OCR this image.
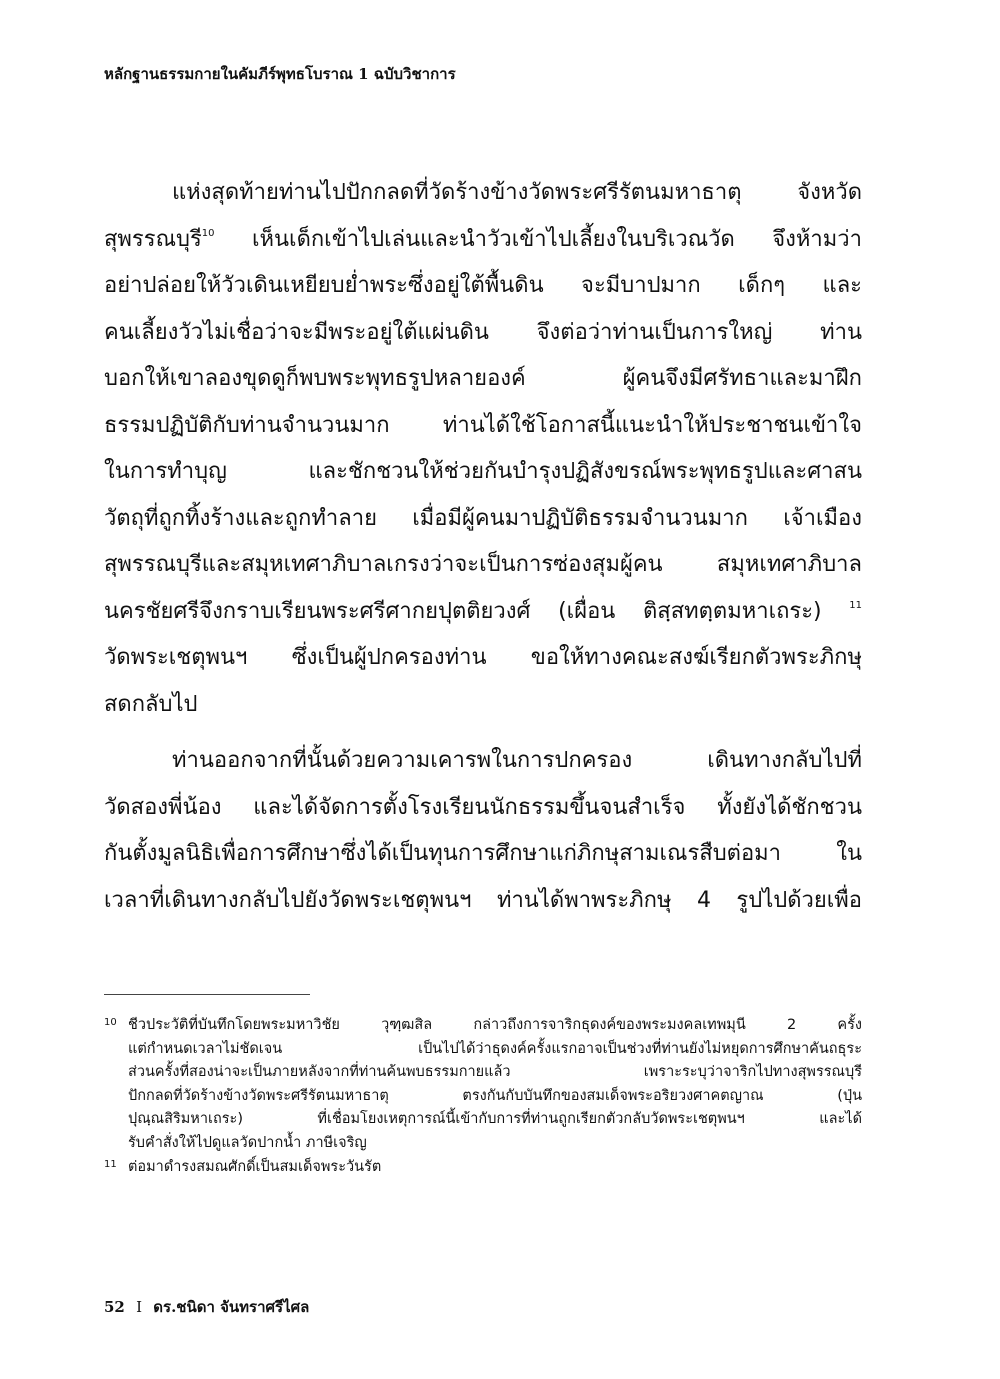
หลักฐานธรรมกายในคัมภีร์พุทธโบราณ 1 ฉบับวิชาการ
แห่งสุดท้ายท่านไปปักกลดที่วัดร้างข้างวัดพระศรีรัตนมหาธาตุ จังหวัด
สุพรรณบุรี$^{10}$ เห็นเด็กเข้าไปเล่นและนำวัวเข้าไปเลี้ยงในบริเวณวัด จึงห้ามว่า
อย่าปล่อยให้วัวเดินเหยียบย่ำพระซึ่งอยู่ใต้พื้นดิน จะมีบาปมาก เด็กๆ และ
คนเลี้ยงวัวไม่เชื่อว่าจะมีพระอยู่ใต้แผ่นดิน จึงต่อว่าท่านเป็นการใหญ่ ท่าน
บอกให้เขาลองขุดดูก็พบพระพุทธรูปหลายองค์ ผู้คนจึงมีศรัทธาและมาฝึก
ธรรมปฏิบัติกับท่านจำนวนมาก ท่านได้ใช้โอกาสนี้แนะนำให้ประชาชนเข้าใจ
ในการทำบุญ และชักชวนให้ช่วยกันบำรุงปฏิสังขรณ์พระพุทธรูปและศาสน
วัตถุที่ถูกทิ้งร้างและถูกทำลาย เมื่อมีผู้คนมาปฏิบัติธรรมจำนวนมาก เจ้าเมือง
สุพรรณบุรีและสมุหเทศาภิบาลเกรงว่าจะเป็นการซ่องสุมผู้คน สมุหเทศาภิบาล
นครชัยศรีจึงกราบเรียนพระศรีศากยปุตติยวงศ์ (เผื่อน ติสฺสทตฺตมหาเถระ) $^{11}$
วัดพระเชตุพนฯ ซึ่งเป็นผู้ปกครองท่าน ขอให้ทางคณะสงฆ์เรียกตัวพระภิกษุ
สดกลับไป
ท่านออกจากที่นั้นด้วยความเคารพในการปกครอง เดินทางกลับไปที่
วัดสองพี่น้อง และได้จัดการตั้งโรงเรียนนักธรรมขึ้นจนสำเร็จ ทั้งยังได้ชักชวน
กันตั้งมูลนิธิเพื่อการศึกษาซึ่งได้เป็นทุนการศึกษาแก่ภิกษุสามเณรสืบต่อมา ใน
เวลาที่เดินทางกลับไปยังวัดพระเชตุพนฯ ท่านได้พาพระภิกษุ 4 รูปไปด้วยเพื่อ
10 ชีวประวัติที่บันทึกโดยพระมหาวิชัย วุฑฺฒสิล กล่าวถึงการจาริกธุดงค์ของพระมงคลเทพมุนี 2 ครั้ง
แต่กำหนดเวลาไม่ชัดเจน เป็นไปได้ว่าธุดงค์ครั้งแรกอาจเป็นช่วงที่ท่านยังไม่หยุดการศึกษาคันถธุระ
ส่วนครั้งที่สองน่าจะเป็นภายหลังจากที่ท่านค้นพบธรรมกายแล้ว เพราะระบุว่าจาริกไปทางสุพรรณบุรี
ปักกลดที่วัดร้างข้างวัดพระศรีรัตนมหาธาตุ ตรงกันกับบันทึกของสมเด็จพระอริยวงศาคตญาณ (ปุ่น
ปุณฺณสิริมหาเถระ) ที่เชื่อมโยงเหตุการณ์นี้เข้ากับการที่ท่านถูกเรียกตัวกลับวัดพระเชตุพนฯ และได้
รับคำสั่งให้ไปดูแลวัดปากน้ำ ภาษีเจริญ
11 ต่อมาดำรงสมณศักดิ์เป็นสมเด็จพระวันรัต
52 I ดร.ชนิดา จันทราศรีไศล
